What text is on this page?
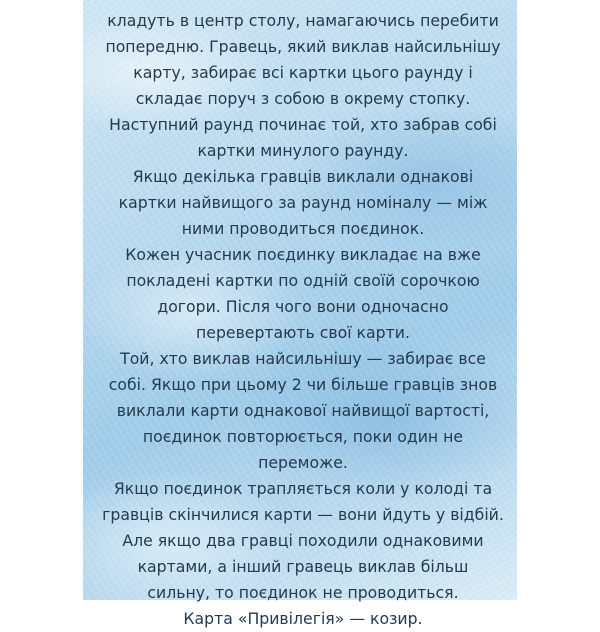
кладуть в центр столу, намагаючись перебити
попередню. Гравець, який виклав найсильнішу
карту, забирає всі картки цього раунду і
складає поруч з собою в окрему стопку.
Наступний раунд починає той, хто забрав собі
картки минулого раунду.
Якщо декілька гравців виклали однакові
картки найвищого за раунд номіналу — між
ними проводиться поєдинок.
Кожен учасник поєдинку викладає на вже
покладені картки по одній своїй сорочкою
догори. Після чого вони одночасно
перевертають свої карти.
Той, хто виклав найсильнішу — забирає все
собі. Якщо при цьому 2 чи більше гравців знов
виклали карти однакової найвищої вартості,
поєдинок повторюється, поки один не
переможе.
Якщо поєдинок трапляється коли у колоді та
гравців скінчилися карти — вони йдуть у відбій.
Але якщо два гравці походили однаковими
картами, а інший гравець виклав більш
сильну, то поєдинок не проводиться.
Карта «Привілегія» — козир.
